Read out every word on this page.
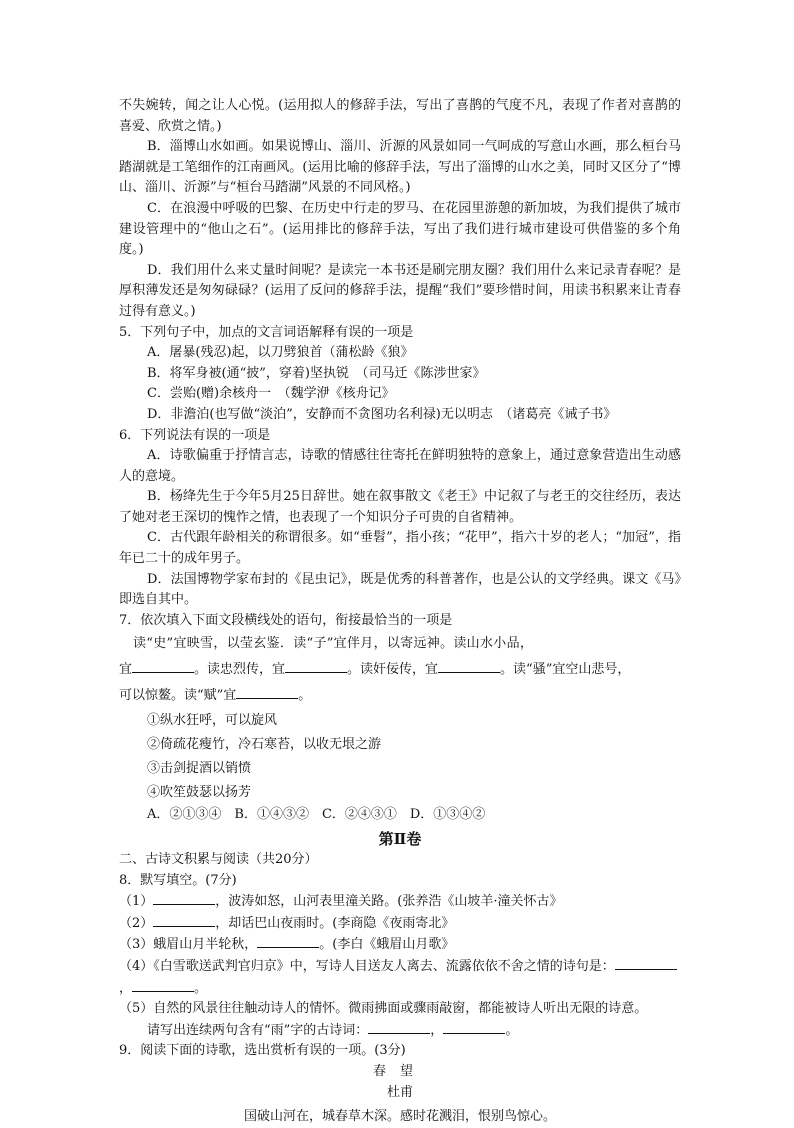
不失婉转，闻之让人心悦。(运用拟人的修辞手法，写出了喜鹊的气度不凡，表现了作者对喜鹊的喜爱、欣赏之情。)

B．淄博山水如画。如果说博山、淄川、沂源的风景如同一气呵成的写意山水画，那么桓台马踏湖就是工笔细作的江南画风。(运用比喻的修辞手法，写出了淄博的山水之美，同时又区分了“博山、淄川、沂源”与“桓台马踏湖”风景的不同风格。)

C．在浪漫中呼吸的巴黎、在历史中行走的罗马、在花园里游憩的新加坡，为我们提供了城市建设管理中的“他山之石”。(运用排比的修辞手法，写出了我们进行城市建设可供借鉴的多个角度。)

D．我们用什么来丈量时间呢？是读完一本书还是刷完朋友圈？我们用什么来记录青春呢？是厚积薄发还是匆匆碌碌？(运用了反问的修辞手法，提醒“我们”要珍惜时间，用读书积累来让青春过得有意义。)

5．下列句子中，加点的文言词语解释有误的一项是

A．屠暴(残忍)起，以刀劈狼首（蒲松龄《狼》

B．将军身被(通“披”，穿着)坚执锐　（司马迁《陈涉世家》

C．尝贻(赠)余核舟一　（魏学洢《核舟记》

D．非澹泊(也写做“淡泊”，安静而不贪图功名利禄)无以明志　（诸葛亮《诫子书》

6．下列说法有误的一项是

A．诗歌偏重于抒情言志，诗歌的情感往往寄托在鲜明独特的意象上，通过意象营造出生动感人的意境。

B．杨绛先生于今年5月25日辞世。她在叙事散文《老王》中记叙了与老王的交往经历，表达了她对老王深切的愧怍之情，也表现了一个知识分子可贵的自省精神。

C．古代跟年龄相关的称谓很多。如“垂髫”，指小孩；“花甲”，指六十岁的老人；“加冠”，指年已二十的成年男子。

D．法国博物学家布封的《昆虫记》，既是优秀的科普著作，也是公认的文学经典。课文《马》即选自其中。

7．依次填入下面文段横线处的语句，衔接最恰当的一项是

读“史”宜映雪，以莹玄鉴．读“子”宜伴月，以寄远神。读山水小品，

宜	。读忠烈传，宜	。读奸佞传，宜	。读“骚”宜空山悲号，

可以惊鳌。读“赋”宜	。

①纵水狂呼，可以旋风

②倚疏花瘦竹，冷石寒苔，以收无垠之游

③击剑捉酒以销愤

④吹笙鼓瑟以扬芳

A．②①③④　B．①④③②　C．②④③①　D．①③④②

第Ⅱ卷

二、古诗文积累与阅读（共20分）

8．默写填空。(7分)

（1）	，波涛如怒，山河表里潼关路。(张养浩《山坡羊·潼关怀古》

（2）	，却话巴山夜雨时。(李商隐《夜雨寄北》

（3）蛾眉山月半轮秋，	。(李白《蛾眉山月歌》

（4）《白雪歌送武判官归京》中，写诗人目送友人离去、流露依依不舍之情的诗句是：，	。

（5）自然的风景往往触动诗人的情怀。微雨拂面或骤雨敲窗，都能被诗人听出无限的诗意。

请写出连续两句含有“雨”字的古诗词：	，	。

9．阅读下面的诗歌，选出赏析有误的一项。(3分)

春望

杜甫

国破山河在，城春草木深。感时花溅泪，恨别鸟惊心。
